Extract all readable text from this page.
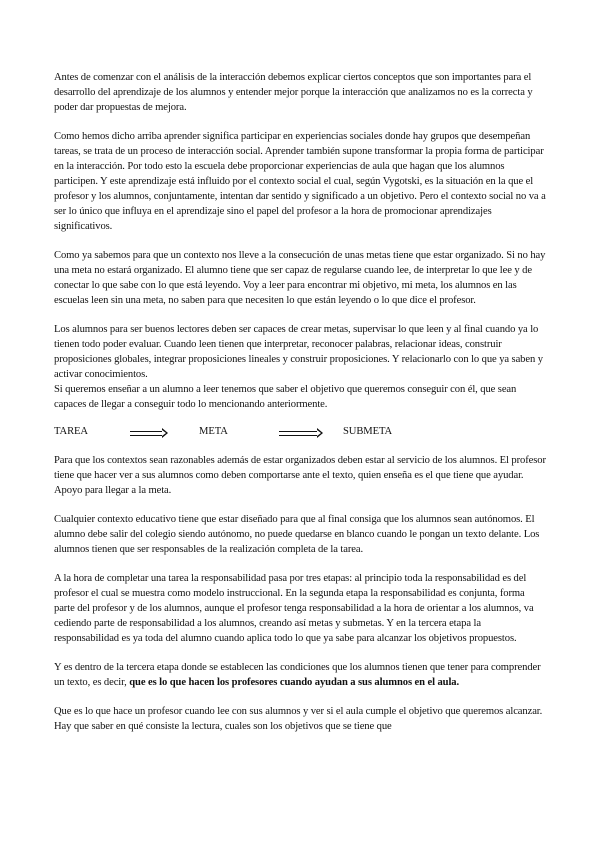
Antes de comenzar con el análisis de la interacción debemos explicar ciertos conceptos que son importantes para el desarrollo del aprendizaje de los alumnos y entender mejor porque la interacción que analizamos no es la correcta y poder dar propuestas de mejora.

Como hemos dicho arriba aprender significa participar en experiencias sociales donde hay grupos que desempeñan tareas, se trata de un proceso de interacción social. Aprender también supone transformar la propia forma de participar en la interacción. Por todo esto la escuela debe proporcionar experiencias de aula que hagan que los alumnos participen. Y este aprendizaje está influido por el contexto social el cual, según Vygotski, es la situación en la que el profesor y los alumnos, conjuntamente, intentan dar sentido y significado a un objetivo. Pero el contexto social no va a ser lo único que influya en el aprendizaje sino el papel del profesor a la hora de promocionar aprendizajes significativos.

Como ya sabemos para que un contexto nos lleve a la consecución de unas metas tiene que estar organizado. Si no hay una meta no estará organizado. El alumno tiene que ser capaz de regularse cuando lee, de interpretar lo que lee y de conectar lo que sabe con lo que está leyendo. Voy a leer para encontrar mi objetivo, mi meta, los alumnos en las escuelas leen sin una meta, no saben para que necesiten lo que están leyendo o lo que dice el profesor.

Los alumnos para ser buenos lectores deben ser capaces de crear metas, supervisar lo que leen y al final cuando ya lo tienen todo poder evaluar. Cuando leen tienen que interpretar, reconocer palabras, relacionar ideas, construir proposiciones globales, integrar proposiciones lineales y construir proposiciones. Y relacionarlo con lo que ya saben y activar conocimientos.

Si queremos enseñar a un alumno a leer tenemos que saber el objetivo que queremos conseguir con él, que sean capaces de llegar a conseguir todo lo mencionando anteriormente.

TAREA	META	SUBMETA

Para que los contextos sean razonables además de estar organizados deben estar al servicio de los alumnos. El profesor tiene que hacer ver a sus alumnos como deben comportarse ante el texto, quien enseña es el que tiene que ayudar. Apoyo para llegar a la meta.

Cualquier contexto educativo tiene que estar diseñado para que al final consiga que los alumnos sean autónomos. El alumno debe salir del colegio siendo autónomo, no puede quedarse en blanco cuando le pongan un texto delante. Los alumnos tienen que ser responsables de la realización completa de la tarea.

A la hora de completar una tarea la responsabilidad pasa por tres etapas: al principio toda la responsabilidad es del profesor el cual se muestra como modelo instruccional. En la segunda etapa la responsabilidad es conjunta, forma parte del profesor y de los alumnos, aunque el profesor tenga responsabilidad a la hora de orientar a los alumnos, va cediendo parte de responsabilidad a los alumnos, creando así metas y submetas. Y en la tercera etapa la responsabilidad es ya toda del alumno cuando aplica todo lo que ya sabe para alcanzar los objetivos propuestos.

Y es dentro de la tercera etapa donde se establecen las condiciones que los alumnos tienen que tener para comprender un texto, es decir, que es lo que hacen los profesores cuando ayudan a sus alumnos en el aula.

Que es lo que hace un profesor cuando lee con sus alumnos y ver si el aula cumple el objetivo que queremos alcanzar. Hay que saber en qué consiste la lectura, cuales son los objetivos que se tiene que
